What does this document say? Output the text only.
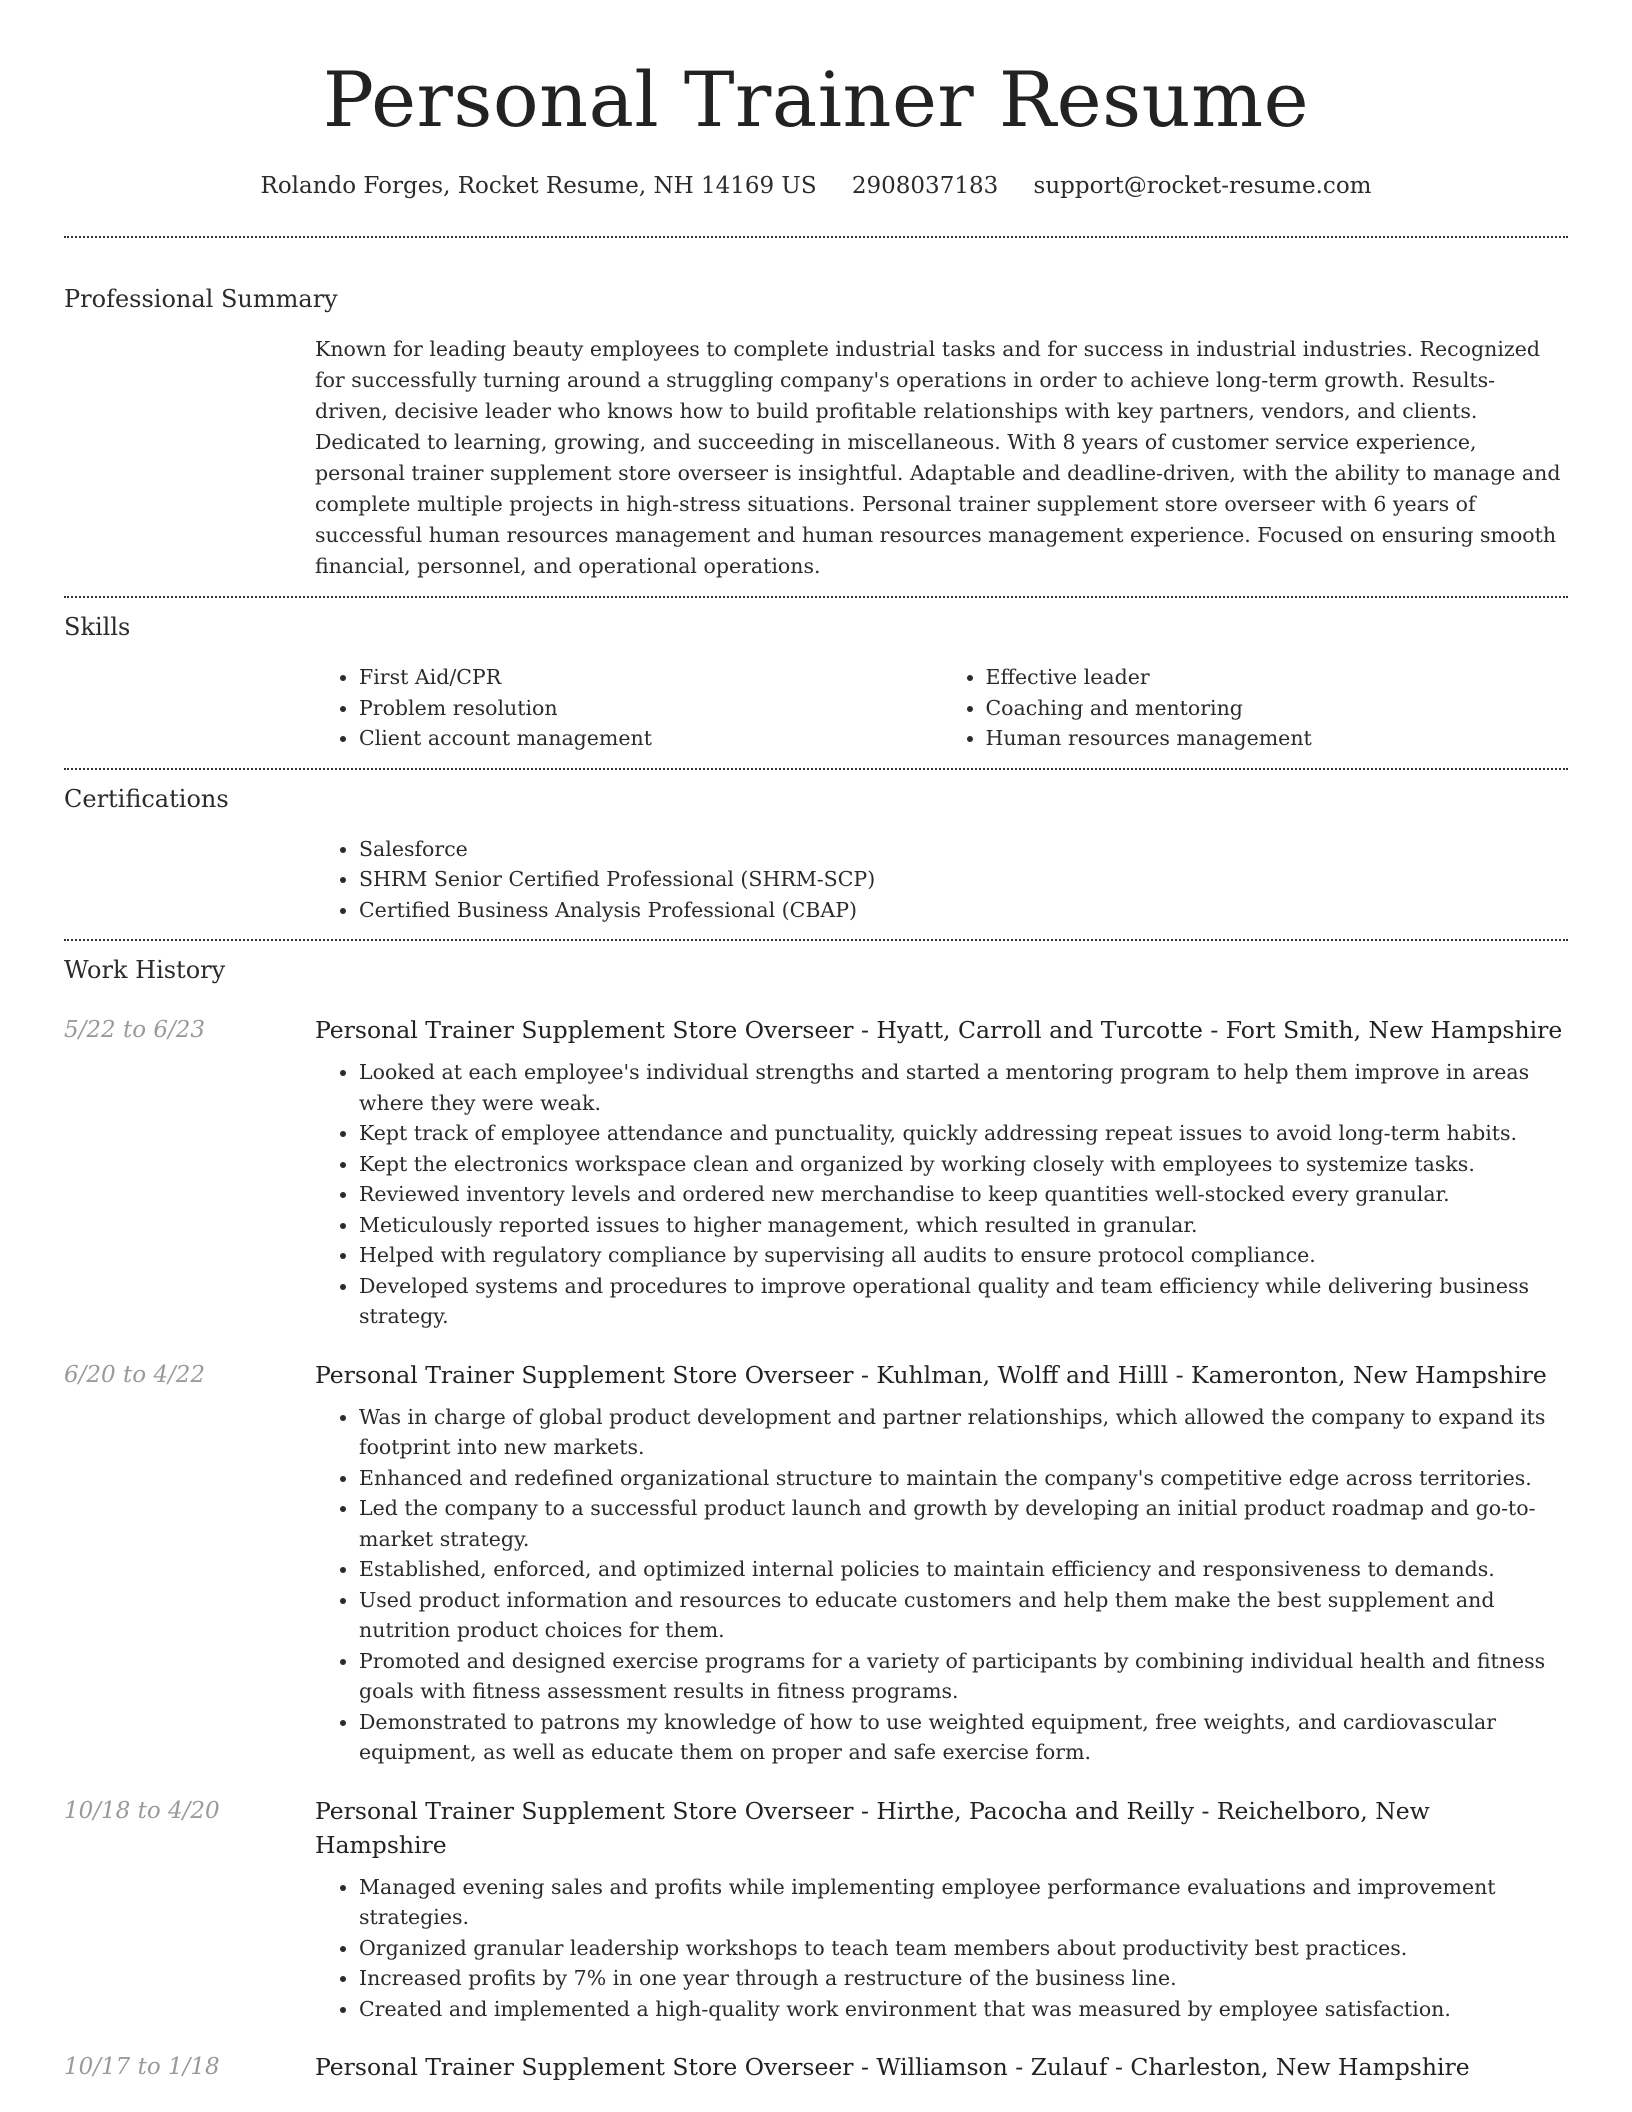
Personal Trainer Resume
Rolando Forges, Rocket Resume, NH 14169 US 2908037183 support@rocket-resume.com
Professional Summary

Known for leading beauty employees to complete industrial tasks and for success in industrial industries. Recognized for successfully turning around a struggling company's operations in order to achieve long-term growth. Results-driven, decisive leader who knows how to build profitable relationships with key partners, vendors, and clients. Dedicated to learning, growing, and succeeding in miscellaneous. With 8 years of customer service experience, personal trainer supplement store overseer is insightful. Adaptable and deadline-driven, with the ability to manage and complete multiple projects in high-stress situations. Personal trainer supplement store overseer with 6 years of successful human resources management and human resources management experience. Focused on ensuring smooth financial, personnel, and operational operations.

Skills
• First Aid/CPR
• Problem resolution
• Client account management
• Effective leader
• Coaching and mentoring
• Human resources management
Certifications
• Salesforce
• SHRM Senior Certified Professional (SHRM-SCP)
• Certified Business Analysis Professional (CBAP)
Work History
5/22 to 6/23	Personal Trainer Supplement Store Overseer - Hyatt, Carroll and Turcotte - Fort Smith, New Hampshire
• Looked at each employee's individual strengths and started a mentoring program to help them improve in areas where they were weak.
• Kept track of employee attendance and punctuality, quickly addressing repeat issues to avoid long-term habits.
• Kept the electronics workspace clean and organized by working closely with employees to systemize tasks.
• Reviewed inventory levels and ordered new merchandise to keep quantities well-stocked every granular.
• Meticulously reported issues to higher management, which resulted in granular.
• Helped with regulatory compliance by supervising all audits to ensure protocol compliance.
• Developed systems and procedures to improve operational quality and team efficiency while delivering business strategy.
6/20 to 4/22	Personal Trainer Supplement Store Overseer - Kuhlman, Wolff and Hilll - Kameronton, New Hampshire
• Was in charge of global product development and partner relationships, which allowed the company to expand its footprint into new markets.
• Enhanced and redefined organizational structure to maintain the company's competitive edge across territories.
• Led the company to a successful product launch and growth by developing an initial product roadmap and go-to-market strategy.
• Established, enforced, and optimized internal policies to maintain efficiency and responsiveness to demands.
• Used product information and resources to educate customers and help them make the best supplement and nutrition product choices for them.
• Promoted and designed exercise programs for a variety of participants by combining individual health and fitness goals with fitness assessment results in fitness programs.
• Demonstrated to patrons my knowledge of how to use weighted equipment, free weights, and cardiovascular equipment, as well as educate them on proper and safe exercise form.
10/18 to 4/20	Personal Trainer Supplement Store Overseer - Hirthe, Pacocha and Reilly - Reichelboro, New Hampshire
• Managed evening sales and profits while implementing employee performance evaluations and improvement strategies.
• Organized granular leadership workshops to teach team members about productivity best practices.
• Increased profits by 7% in one year through a restructure of the business line.
• Created and implemented a high-quality work environment that was measured by employee satisfaction.
10/17 to 1/18	Personal Trainer Supplement Store Overseer - Williamson - Zulauf - Charleston, New Hampshire
